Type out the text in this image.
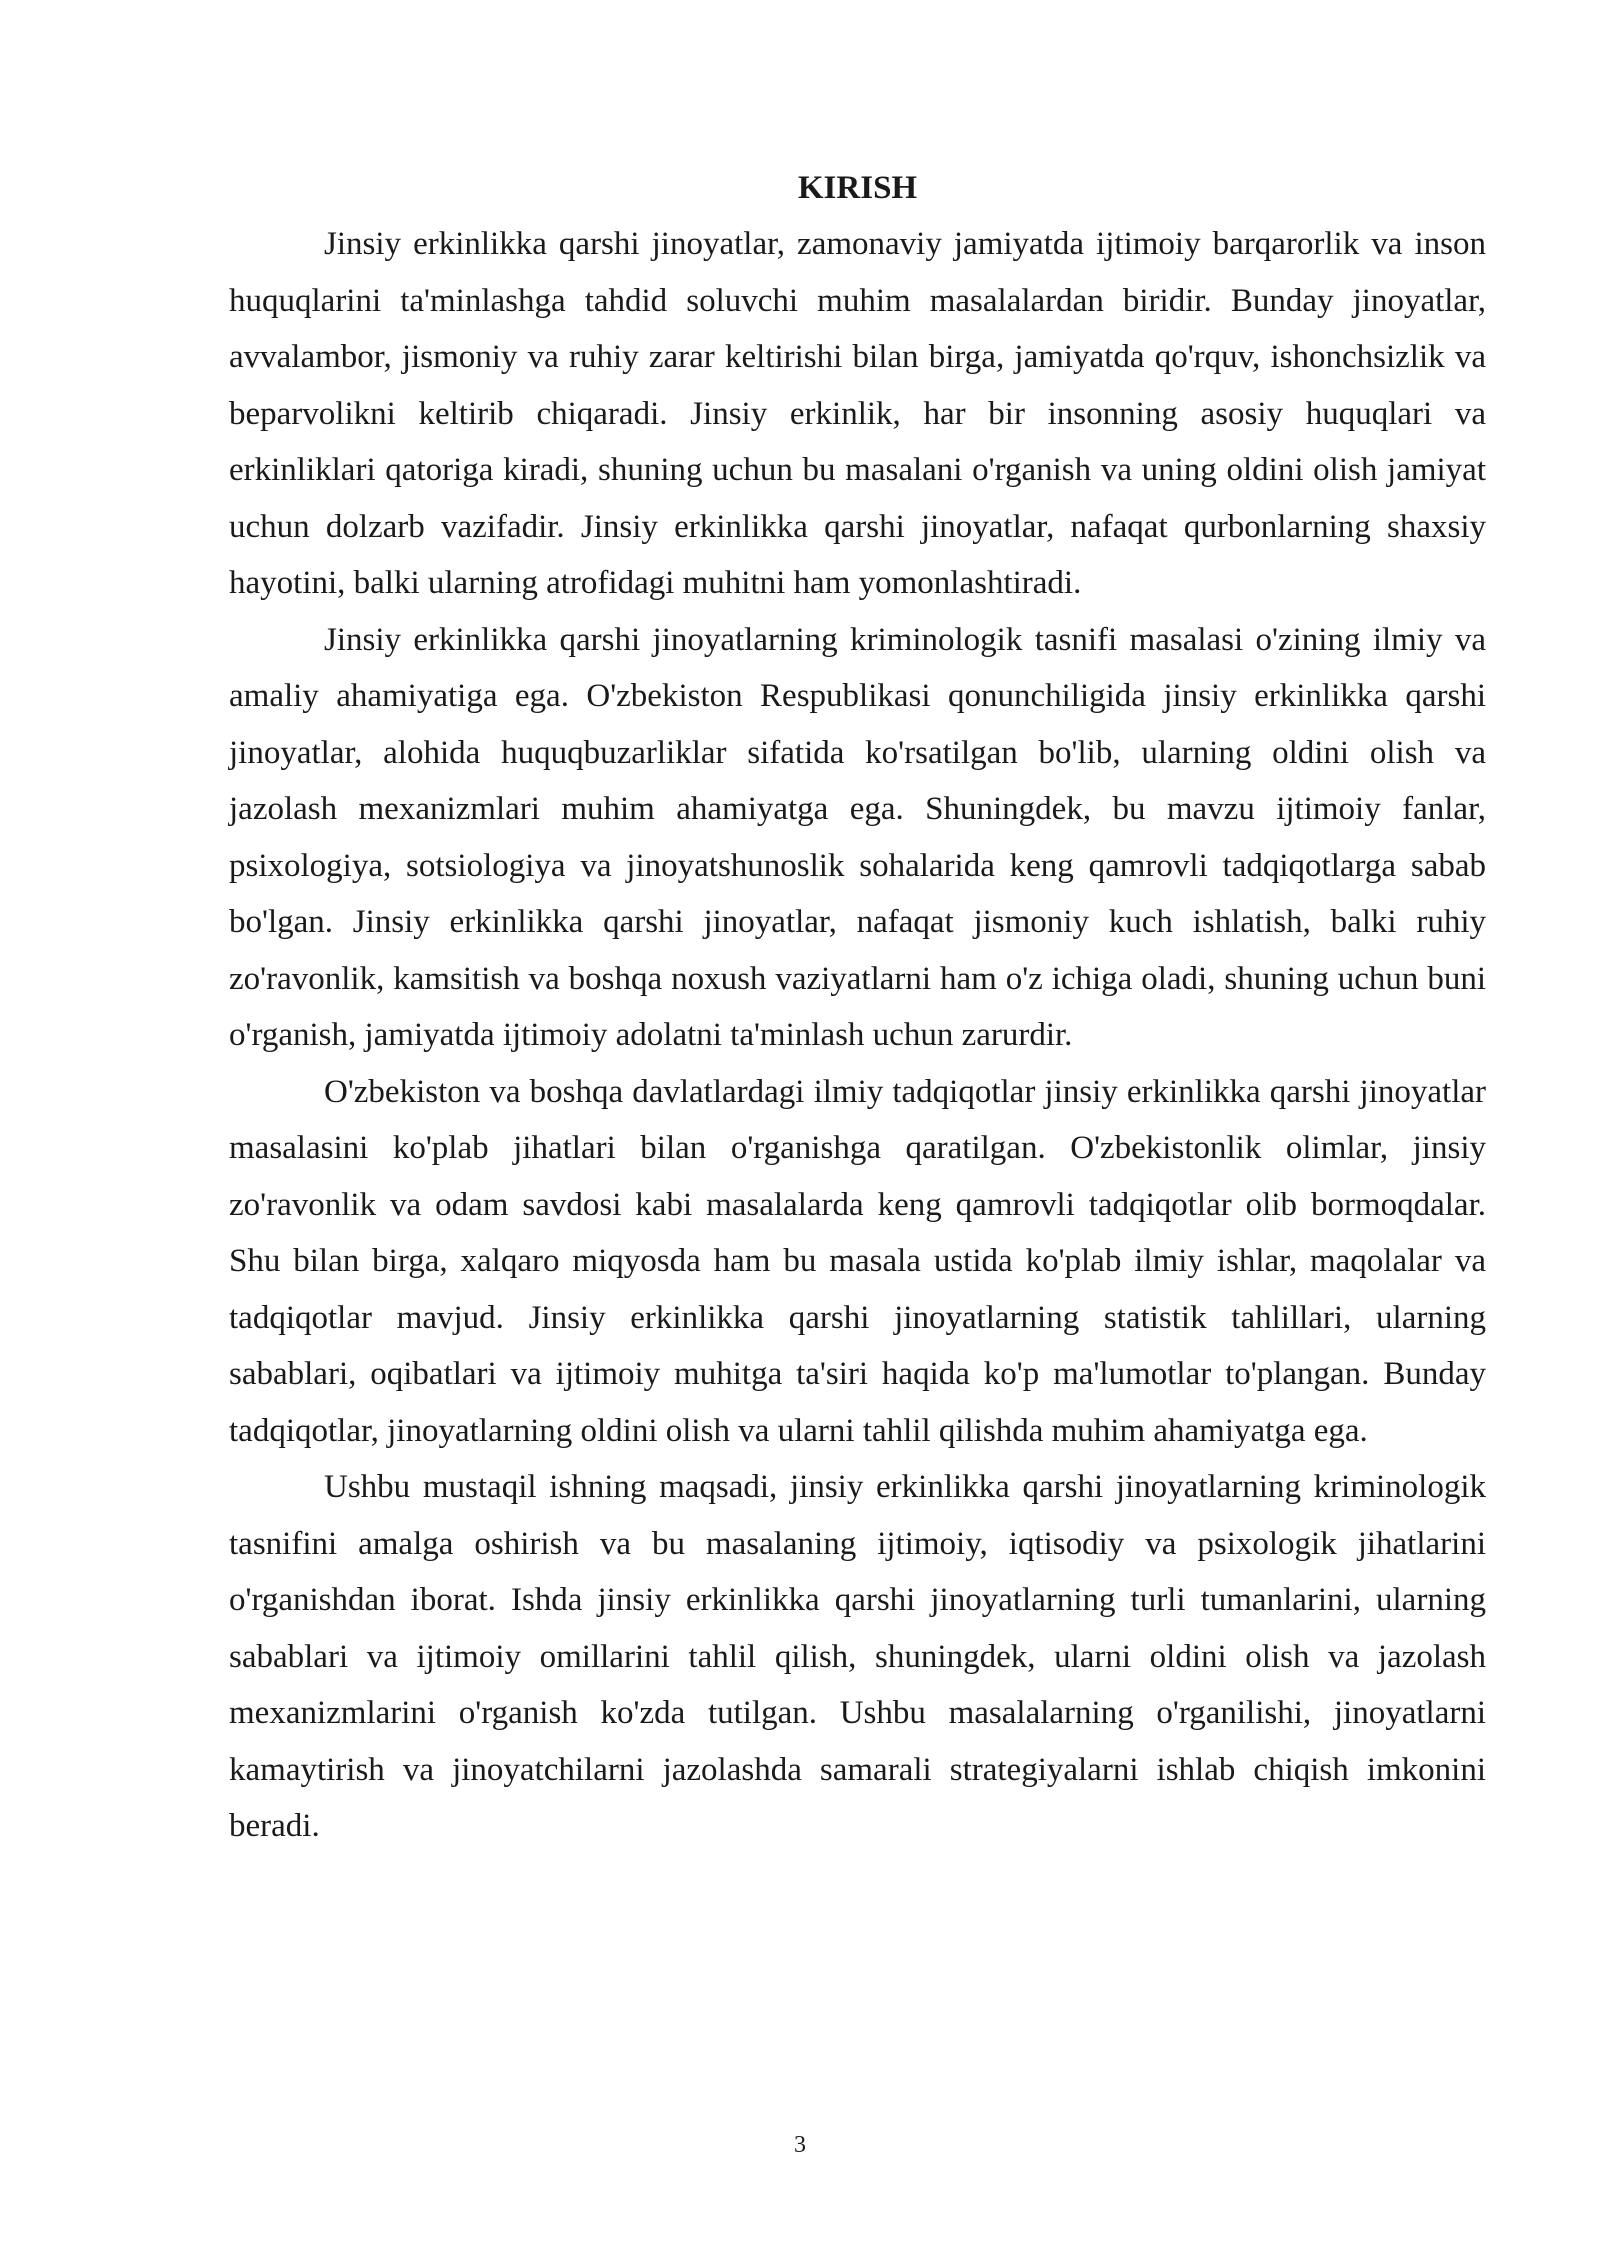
KIRISH

Jinsiy erkinlikka qarshi jinoyatlar, zamonaviy jamiyatda ijtimoiy barqarorlik va inson huquqlarini ta'minlashga tahdid soluvchi muhim masalalardan biridir. Bunday jinoyatlar, avvalambor, jismoniy va ruhiy zarar keltirishi bilan birga, jamiyatda qo'rquv, ishonchsizlik va beparvolikni keltirib chiqaradi. Jinsiy erkinlik, har bir insonning asosiy huquqlari va erkinliklari qatoriga kiradi, shuning uchun bu masalani o'rganish va uning oldini olish jamiyat uchun dolzarb vazifadir. Jinsiy erkinlikka qarshi jinoyatlar, nafaqat qurbonlarning shaxsiy hayotini, balki ularning atrofidagi muhitni ham yomonlashtiradi.

Jinsiy erkinlikka qarshi jinoyatlarning kriminologik tasnifi masalasi o'zining ilmiy va amaliy ahamiyatiga ega. O'zbekiston Respublikasi qonunchiligida jinsiy erkinlikka qarshi jinoyatlar, alohida huquqbuzarliklar sifatida ko'rsatilgan bo'lib, ularning oldini olish va jazolash mexanizmlari muhim ahamiyatga ega. Shuningdek, bu mavzu ijtimoiy fanlar, psixologiya, sotsiologiya va jinoyatshunoslik sohalarida keng qamrovli tadqiqotlarga sabab bo'lgan. Jinsiy erkinlikka qarshi jinoyatlar, nafaqat jismoniy kuch ishlatish, balki ruhiy zo'ravonlik, kamsitish va boshqa noxush vaziyatlarni ham o'z ichiga oladi, shuning uchun buni o'rganish, jamiyatda ijtimoiy adolatni ta'minlash uchun zarurdir.

O'zbekiston va boshqa davlatlardagi ilmiy tadqiqotlar jinsiy erkinlikka qarshi jinoyatlar masalasini ko'plab jihatlari bilan o'rganishga qaratilgan. O'zbekistonlik olimlar, jinsiy zo'ravonlik va odam savdosi kabi masalalarda keng qamrovli tadqiqotlar olib bormoqdalar. Shu bilan birga, xalqaro miqyosda ham bu masala ustida ko'plab ilmiy ishlar, maqolalar va tadqiqotlar mavjud. Jinsiy erkinlikka qarshi jinoyatlarning statistik tahlillari, ularning sabablari, oqibatlari va ijtimoiy muhitga ta'siri haqida ko'p ma'lumotlar to'plangan. Bunday tadqiqotlar, jinoyatlarning oldini olish va ularni tahlil qilishda muhim ahamiyatga ega.

Ushbu mustaqil ishning maqsadi, jinsiy erkinlikka qarshi jinoyatlarning kriminologik tasnifini amalga oshirish va bu masalaning ijtimoiy, iqtisodiy va psixologik jihatlarini o'rganishdan iborat. Ishda jinsiy erkinlikka qarshi jinoyatlarning turli tumanlarini, ularning sabablari va ijtimoiy omillarini tahlil qilish, shuningdek, ularni oldini olish va jazolash mexanizmlarini o'rganish ko'zda tutilgan. Ushbu masalalarning o'rganilishi, jinoyatlarni kamaytirish va jinoyatchilarni jazolashda samarali strategiyalarni ishlab chiqish imkonini beradi.

3
